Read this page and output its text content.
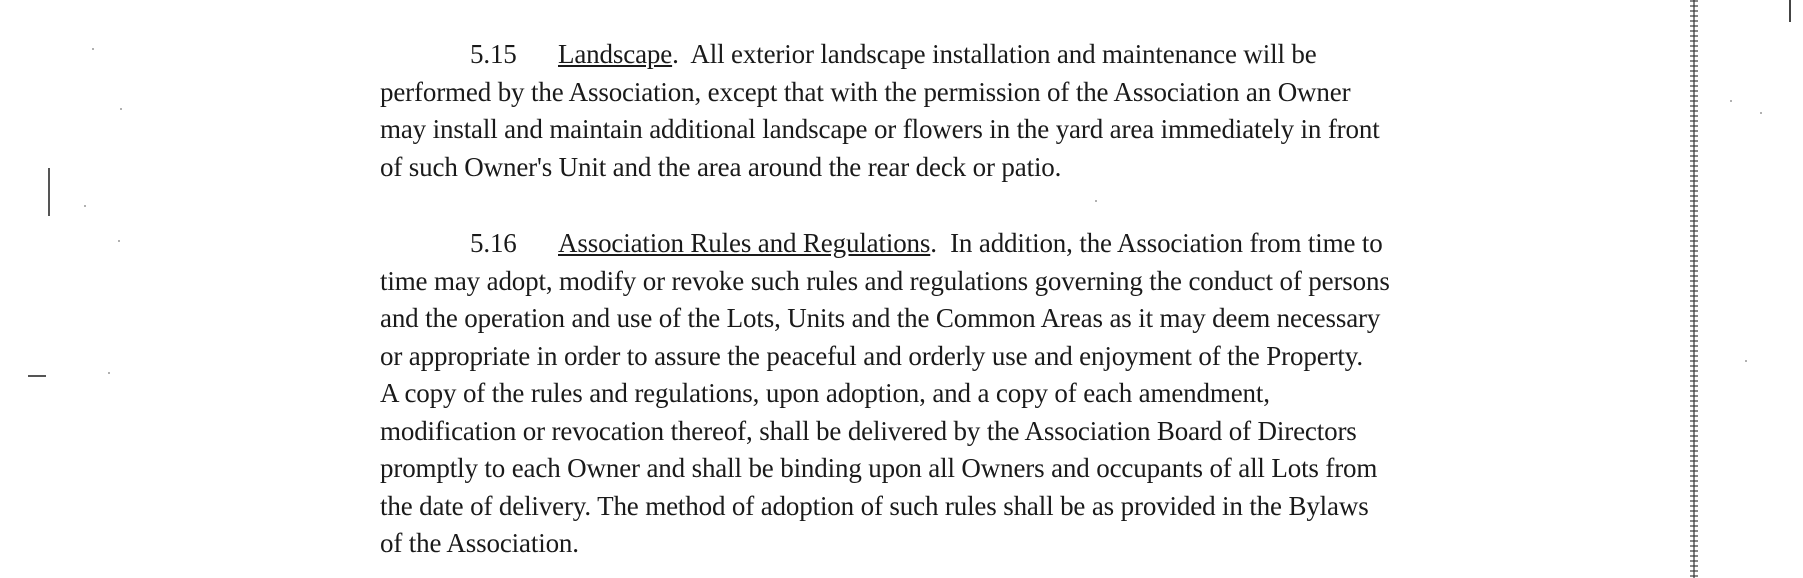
5.15 Landscape.  All exterior landscape installation and maintenance will be
performed by the Association, except that with the permission of the Association an Owner
may install and maintain additional landscape or flowers in the yard area immediately in front
of such Owner's Unit and the area around the rear deck or patio.
5.16 Association Rules and Regulations.  In addition, the Association from time to
time may adopt, modify or revoke such rules and regulations governing the conduct of persons
and the operation and use of the Lots, Units and the Common Areas as it may deem necessary
or appropriate in order to assure the peaceful and orderly use and enjoyment of the Property.
A copy of the rules and regulations, upon adoption, and a copy of each amendment,
modification or revocation thereof, shall be delivered by the Association Board of Directors
promptly to each Owner and shall be binding upon all Owners and occupants of all Lots from
the date of delivery. The method of adoption of such rules shall be as provided in the Bylaws
of the Association.
